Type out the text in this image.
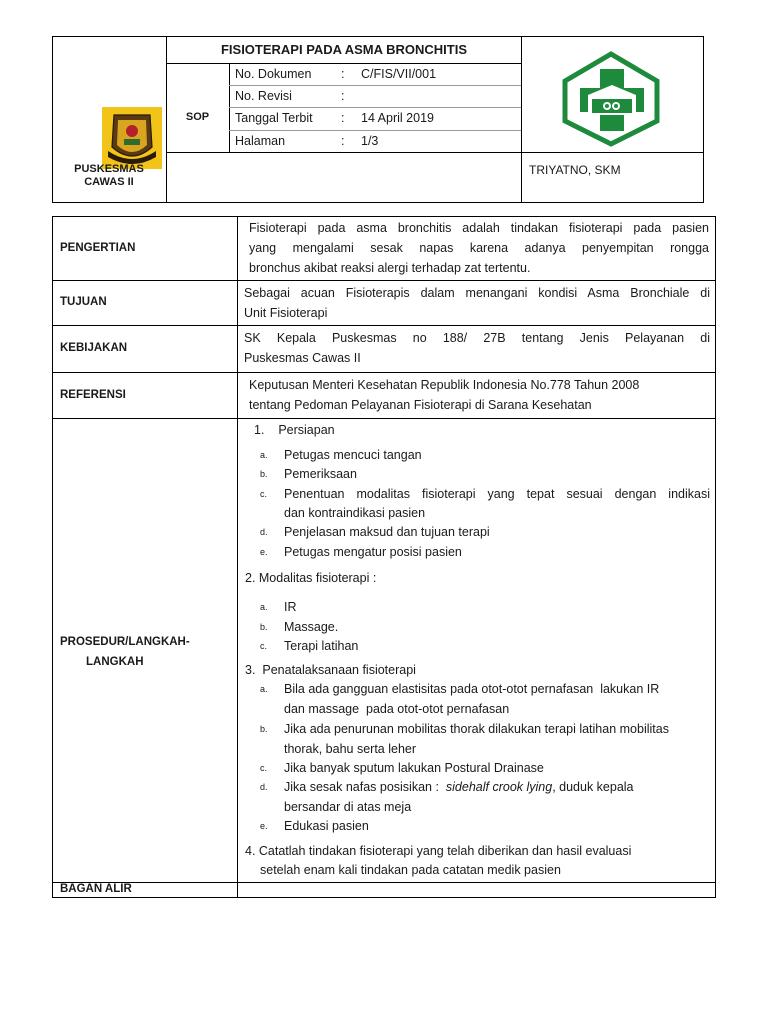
FISIOTERAPI PADA ASMA BRONCHITIS
SOP
No. Dokumen : C/FIS/VII/001
No. Revisi	:
Tanggal Terbit : 14 April 2019
Halaman	: 1/3
PUSKESMAS
CAWAS II
TRIYATNO, SKM
PENGERTIAN
Fisioterapi pada asma bronchitis adalah tindakan fisioterapi pada pasien
yang mengalami sesak napas karena adanya penyempitan rongga
bronchus akibat reaksi alergi terhadap zat tertentu.
TUJUAN
Sebagai acuan Fisioterapis dalam menangani kondisi Asma Bronchiale di
Unit Fisioterapi
KEBIJAKAN
SK Kepala Puskesmas no 188/ 27B tentang Jenis Pelayanan di
Puskesmas Cawas II
REFERENSI
Keputusan Menteri Kesehatan Republik Indonesia No.778 Tahun 2008
tentang Pedoman Pelayanan Fisioterapi di Sarana Kesehatan
PROSEDUR/LANGKAH-
LANGKAH
1.    Persiapan
a. Petugas mencuci tangan
b. Pemeriksaan
c. Penentuan modalitas fisioterapi yang tepat sesuai dengan indikasi
dan kontraindikasi pasien
d. Penjelasan maksud dan tujuan terapi
e. Petugas mengatur posisi pasien
2. Modalitas fisioterapi :
a. IR
b. Massage.
c. Terapi latihan
3.  Penatalaksanaan fisioterapi
a. Bila ada gangguan elastisitas pada otot-otot pernafasan  lakukan IR
dan massage  pada otot-otot pernafasan
b. Jika ada penurunan mobilitas thorak dilakukan terapi latihan mobilitas
thorak, bahu serta leher
c. Jika banyak sputum lakukan Postural Drainase
d. Jika sesak nafas posisikan :  sidehalf crook lying, duduk kepala
bersandar di atas meja
e. Edukasi pasien
4. Catatlah tindakan fisioterapi yang telah diberikan dan hasil evaluasi
setelah enam kali tindakan pada catatan medik pasien
BAGAN ALIR
